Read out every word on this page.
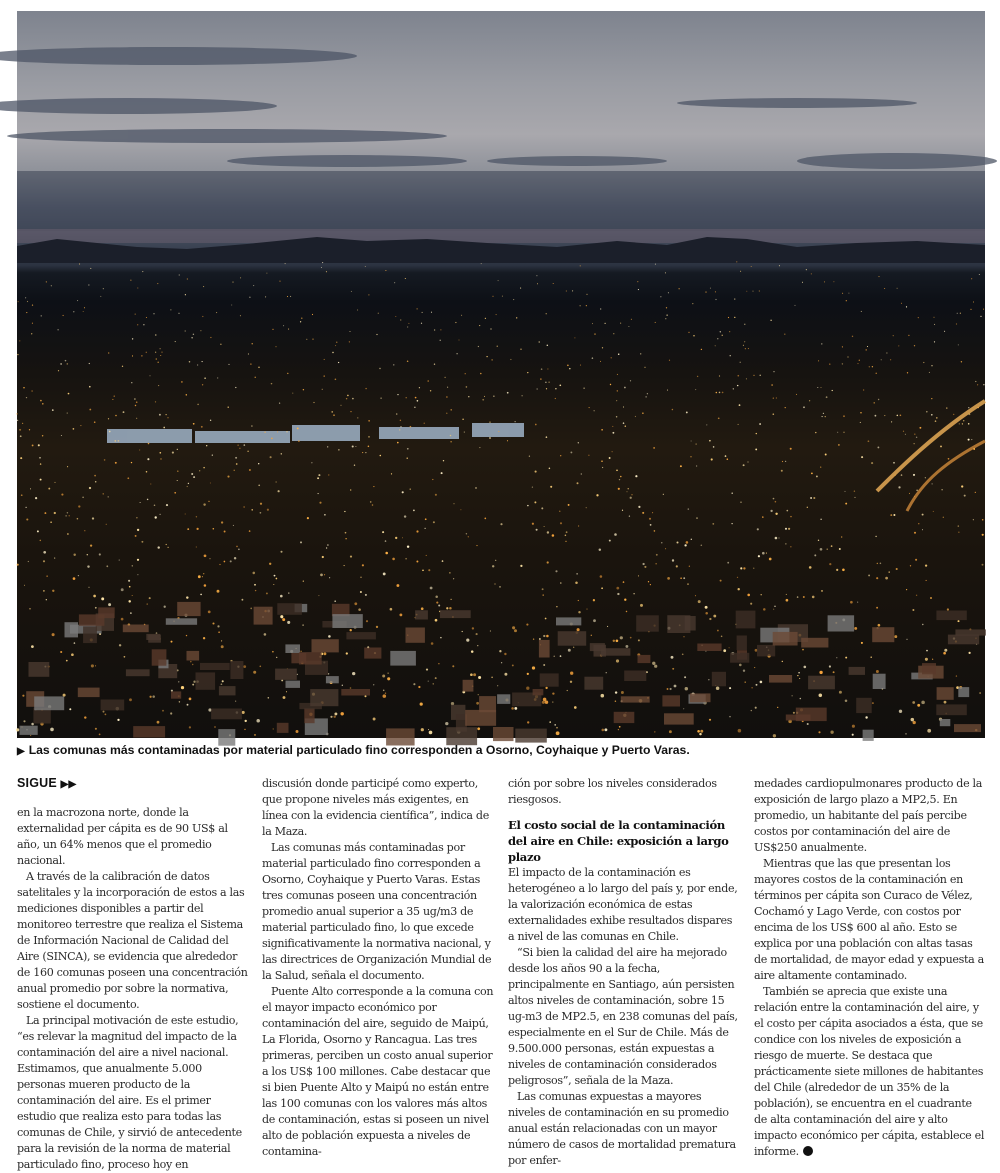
▶ Las comunas más contaminadas por material particulado fino corresponden a Osorno, Coyhaique y Puerto Varas.
SIGUE ▶▶

en la macrozona norte, donde la externalidad per cápita es de 90 US$ al año, un 64% menos que el promedio nacional.

A través de la calibración de datos satelitales y la incorporación de estos a las mediciones disponibles a partir del monitoreo terrestre que realiza el Sistema de Información Nacional de Calidad del Aire (SINCA), se evidencia que alrededor de 160 comunas poseen una concentración anual promedio por sobre la normativa, sostiene el documento.

La principal motivación de este estudio, “es relevar la magnitud del impacto de la contaminación del aire a nivel nacional. Estimamos, que anualmente 5.000 personas mueren producto de la contaminación del aire. Es el primer estudio que realiza esto para todas las comunas de Chile, y sirvió de antecedente para la revisión de la norma de material particulado fino, proceso hoy en

discusión donde participé como experto, que propone niveles más exigentes, en línea con la evidencia científica”, indica de la Maza.

Las comunas más contaminadas por material particulado fino corresponden a Osorno, Coyhaique y Puerto Varas. Estas tres comunas poseen una concentración promedio anual superior a 35 ug/m3 de material particulado fino, lo que excede significativamente la normativa nacional, y las directrices de Organización Mundial de la Salud, señala el documento.

Puente Alto corresponde a la comuna con el mayor impacto económico por contaminación del aire, seguido de Maipú, La Florida, Osorno y Rancagua. Las tres primeras, perciben un costo anual superior a los US$ 100 millones. Cabe destacar que si bien Puente Alto y Maipú no están entre las 100 comunas con los valores más altos de contaminación, estas si poseen un nivel alto de población expuesta a niveles de contamina-

ción por sobre los niveles considerados riesgosos.

El costo social de la contaminación del aire en Chile: exposición a largo plazo

El impacto de la contaminación es heterogéneo a lo largo del país y, por ende, la valorización económica de estas externalidades exhibe resultados dispares a nivel de las comunas en Chile.

“Si bien la calidad del aire ha mejorado desde los años 90 a la fecha, principalmente en Santiago, aún persisten altos niveles de contaminación, sobre 15 ug-m3 de MP2.5, en 238 comunas del país, especialmente en el Sur de Chile. Más de 9.500.000 personas, están expuestas a niveles de contaminación considerados peligrosos”, señala de la Maza.

Las comunas expuestas a mayores niveles de contaminación en su promedio anual están relacionadas con un mayor número de casos de mortalidad prematura por enfer-

medades cardiopulmonares producto de la exposición de largo plazo a MP2,5. En promedio, un habitante del país percibe costos por contaminación del aire de US$250 anualmente.

Mientras que las que presentan los mayores costos de la contaminación en términos per cápita son Curaco de Vélez, Cochamó y Lago Verde, con costos por encima de los US$ 600 al año. Esto se explica por una población con altas tasas de mortalidad, de mayor edad y expuesta a aire altamente contaminado.

También se aprecia que existe una relación entre la contaminación del aire, y el costo per cápita asociados a ésta, que se condice con los niveles de exposición a riesgo de muerte. Se destaca que prácticamente siete millones de habitantes del Chile (alrededor de un 35% de la población), se encuentra en el cuadrante de alta contaminación del aire y alto impacto económico per cápita, establece el informe.
